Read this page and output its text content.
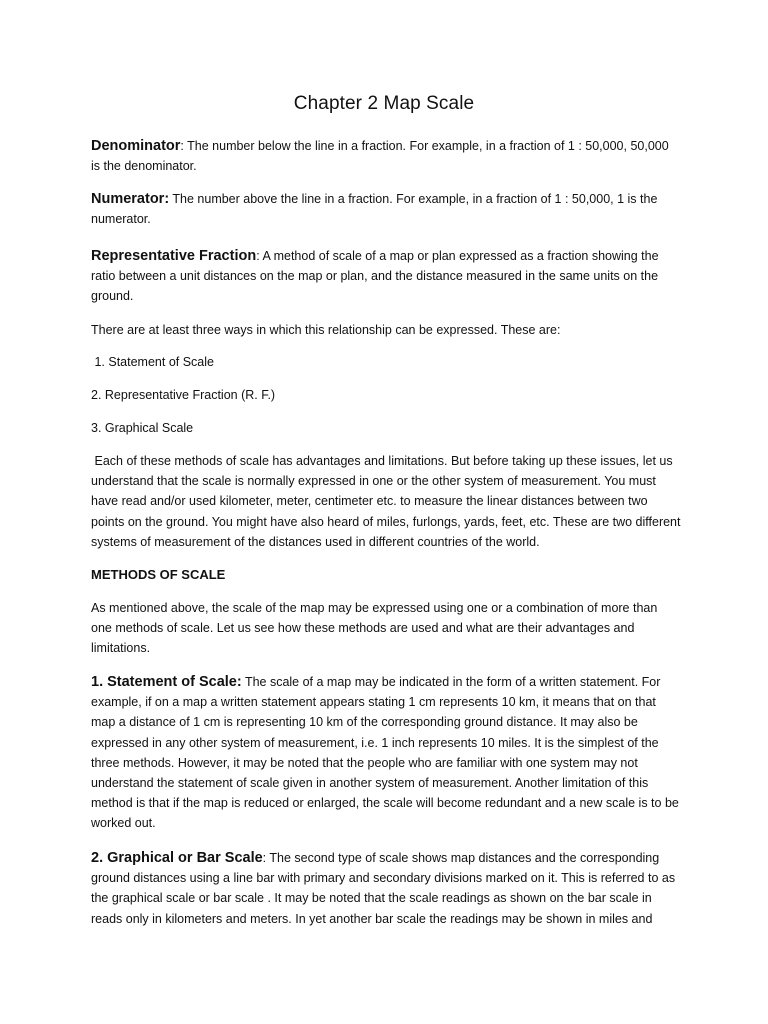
Chapter 2 Map Scale

Denominator: The number below the line in a fraction. For example, in a fraction of 1 : 50,000, 50,000 is the denominator.

Numerator: The number above the line in a fraction. For example, in a fraction of 1 : 50,000, 1 is the numerator.

Representative Fraction: A method of scale of a map or plan expressed as a fraction showing the ratio between a unit distances on the map or plan, and the distance measured in the same units on the ground.

There are at least three ways in which this relationship can be expressed. These are:

1. Statement of Scale

2. Representative Fraction (R. F.)

3. Graphical Scale

Each of these methods of scale has advantages and limitations. But before taking up these issues, let us understand that the scale is normally expressed in one or the other system of measurement. You must have read and/or used kilometer, meter, centimeter etc. to measure the linear distances between two points on the ground. You might have also heard of miles, furlongs, yards, feet, etc. These are two different systems of measurement of the distances used in different countries of the world.

METHODS OF SCALE

As mentioned above, the scale of the map may be expressed using one or a combination of more than one methods of scale. Let us see how these methods are used and what are their advantages and limitations.

1. Statement of Scale: The scale of a map may be indicated in the form of a written statement. For example, if on a map a written statement appears stating 1 cm represents 10 km, it means that on that map a distance of 1 cm is representing 10 km of the corresponding ground distance. It may also be expressed in any other system of measurement, i.e. 1 inch represents 10 miles. It is the simplest of the three methods. However, it may be noted that the people who are familiar with one system may not understand the statement of scale given in another system of measurement. Another limitation of this method is that if the map is reduced or enlarged, the scale will become redundant and a new scale is to be worked out.

2. Graphical or Bar Scale: The second type of scale shows map distances and the corresponding ground distances using a line bar with primary and secondary divisions marked on it. This is referred to as the graphical scale or bar scale . It may be noted that the scale readings as shown on the bar scale in reads only in kilometers and meters. In yet another bar scale the readings may be shown in miles and
